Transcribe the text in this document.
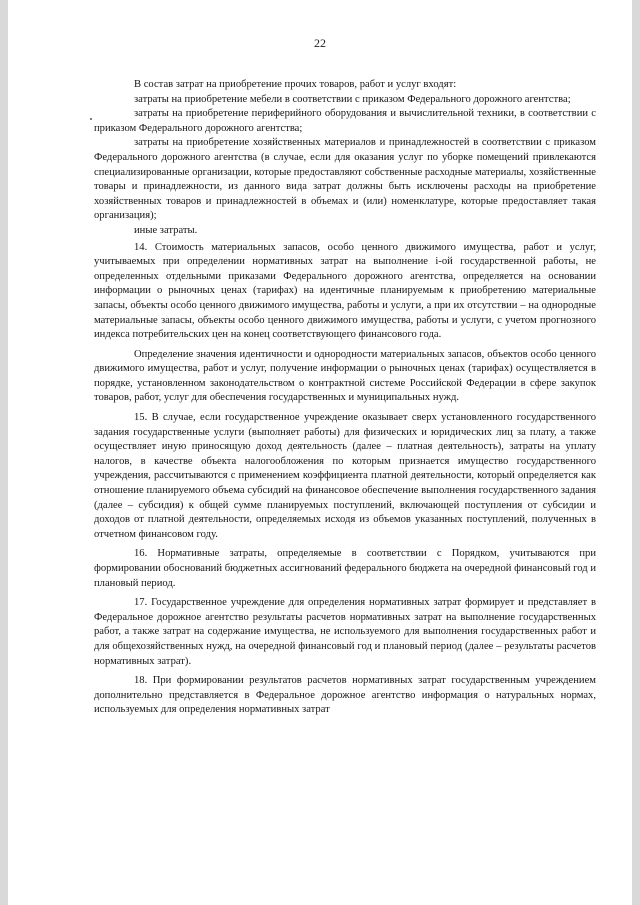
22

В состав затрат на приобретение прочих товаров, работ и услуг входят:

затраты на приобретение мебели в соответствии с приказом Федерального дорожного агентства;

затраты на приобретение периферийного оборудования и вычислительной техники, в соответствии с приказом Федерального дорожного агентства;

затраты на приобретение хозяйственных материалов и принадлежностей в соответствии с приказом Федерального дорожного агентства (в случае, если для оказания услуг по уборке помещений привлекаются специализированные организации, которые предоставляют собственные расходные материалы, хозяйственные товары и принадлежности, из данного вида затрат должны быть исключены расходы на приобретение хозяйственных товаров и принадлежностей в объемах и (или) номенклатуре, которые предоставляет такая организация);

иные затраты.

14. Стоимость материальных запасов, особо ценного движимого имущества, работ и услуг, учитываемых при определении нормативных затрат на выполнение i-ой государственной работы, не определенных отдельными приказами Федерального дорожного агентства, определяется на основании информации о рыночных ценах (тарифах) на идентичные планируемым к приобретению материальные запасы, объекты особо ценного движимого имущества, работы и услуги, а при их отсутствии – на однородные материальные запасы, объекты особо ценного движимого имущества, работы и услуги, с учетом прогнозного индекса потребительских цен на конец соответствующего финансового года.

Определение значения идентичности и однородности материальных запасов, объектов особо ценного движимого имущества, работ и услуг, получение информации о рыночных ценах (тарифах) осуществляется в порядке, установленном законодательством о контрактной системе Российской Федерации в сфере закупок товаров, работ, услуг для обеспечения государственных и муниципальных нужд.

15. В случае, если государственное учреждение оказывает сверх установленного государственного задания государственные услуги (выполняет работы) для физических и юридических лиц за плату, а также осуществляет иную приносящую доход деятельность (далее – платная деятельность), затраты на уплату налогов, в качестве объекта налогообложения по которым признается имущество государственного учреждения, рассчитываются с применением коэффициента платной деятельности, который определяется как отношение планируемого объема субсидий на финансовое обеспечение выполнения государственного задания (далее – субсидия) к общей сумме планируемых поступлений, включающей поступления от субсидии и доходов от платной деятельности, определяемых исходя из объемов указанных поступлений, полученных в отчетном финансовом году.

16. Нормативные затраты, определяемые в соответствии с Порядком, учитываются при формировании обоснований бюджетных ассигнований федерального бюджета на очередной финансовый год и плановый период.

17. Государственное учреждение для определения нормативных затрат формирует и представляет в Федеральное дорожное агентство результаты расчетов нормативных затрат на выполнение государственных работ, а также затрат на содержание имущества, не используемого для выполнения государственных работ и для общехозяйственных нужд, на очередной финансовый год и плановый период (далее – результаты расчетов нормативных затрат).

18. При формировании результатов расчетов нормативных затрат государственным учреждением дополнительно представляется в Федеральное дорожное агентство информация о натуральных нормах, используемых для определения нормативных затрат
